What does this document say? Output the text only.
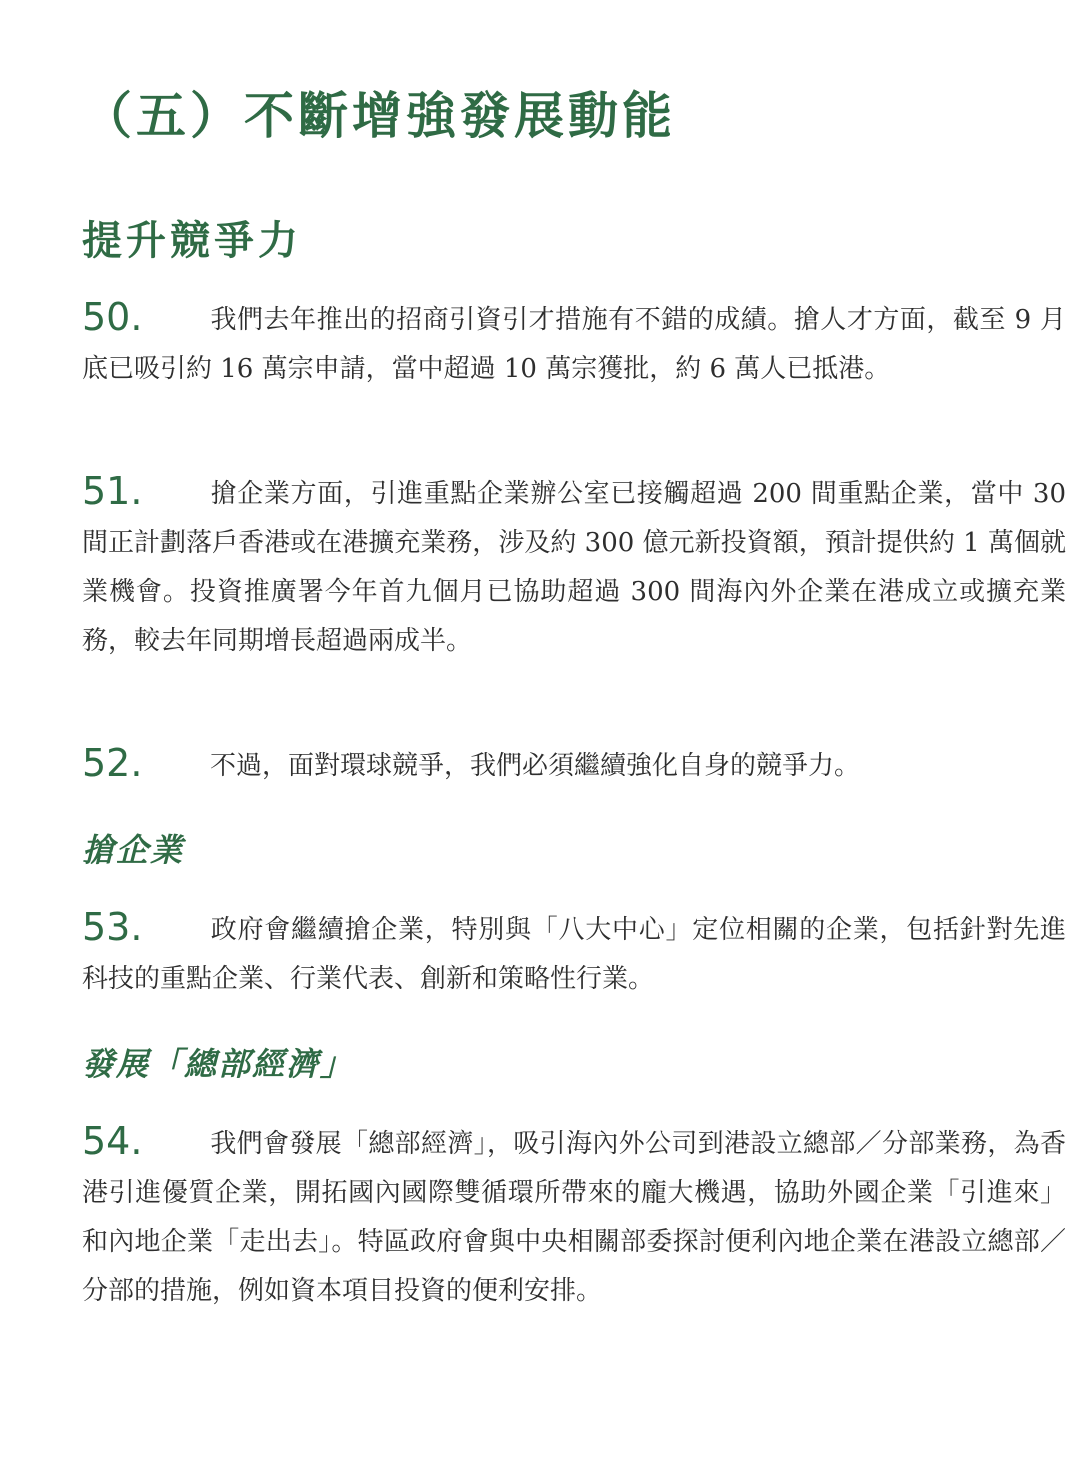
（五）不斷增強發展動能
提升競爭力

50.	我們去年推出的招商引資引才措施有不錯的成績。搶人才方面，截至 9 月底已吸引約 16 萬宗申請，當中超過 10 萬宗獲批，約 6 萬人已抵港。

51.	搶企業方面，引進重點企業辦公室已接觸超過 200 間重點企業，當中 30 間正計劃落戶香港或在港擴充業務，涉及約 300 億元新投資額，預計提供約 1 萬個就業機會。投資推廣署今年首九個月已協助超過 300 間海內外企業在港成立或擴充業務，較去年同期增長超過兩成半。

52.	不過，面對環球競爭，我們必須繼續強化自身的競爭力。

搶企業

53.	政府會繼續搶企業，特別與「八大中心」定位相關的企業，包括針對先進科技的重點企業、行業代表、創新和策略性行業。

發展「總部經濟」

54.	我們會發展「總部經濟」，吸引海內外公司到港設立總部／分部業務，為香港引進優質企業，開拓國內國際雙循環所帶來的龐大機遇，協助外國企業「引進來」和內地企業「走出去」。特區政府會與中央相關部委探討便利內地企業在港設立總部／分部的措施，例如資本項目投資的便利安排。
